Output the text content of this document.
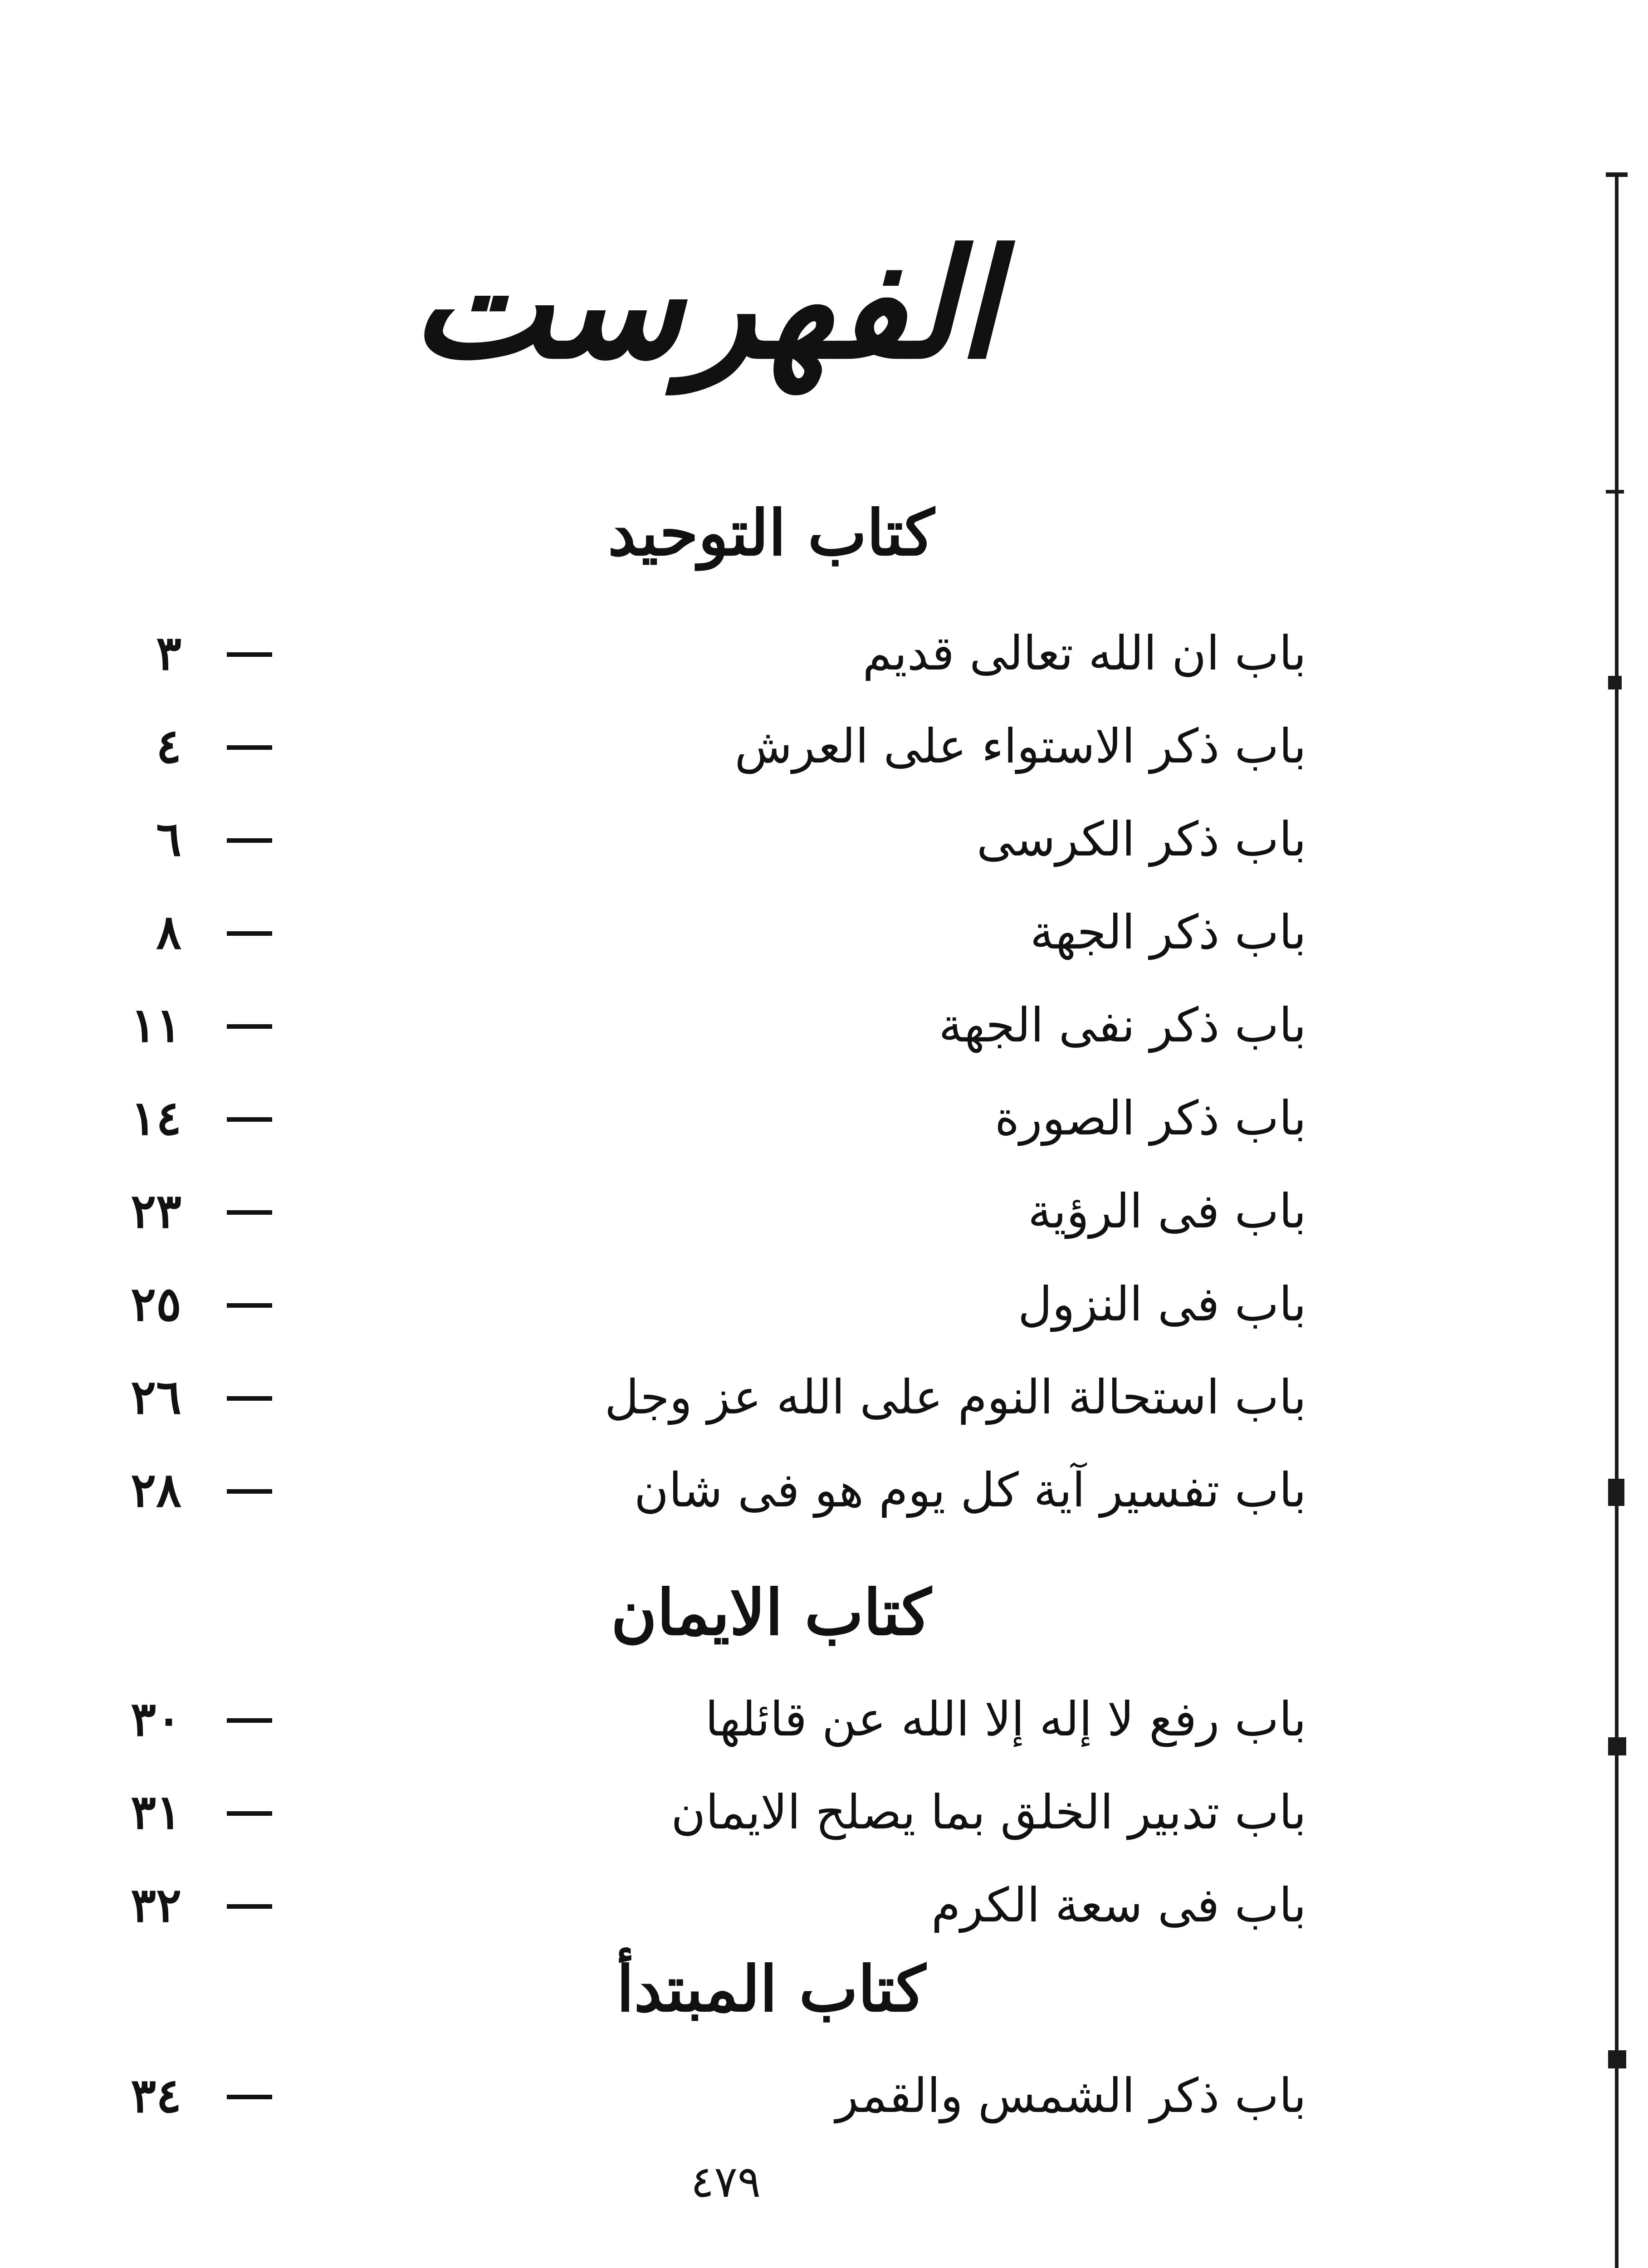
الفهرست
كتاب التوحيد
باب ان الله تعالى قديم
٣
باب ذكر الاستواء على العرش
٤
باب ذكر الكرسى
٦
باب ذكر الجهة
٨
باب ذكر نفى الجهة
١١
باب ذكر الصورة
١٤
باب فى الرؤية
٢٣
باب فى النزول
٢٥
باب استحالة النوم على الله عز وجل
٢٦
باب تفسير آية كل يوم هو فى شان
٢٨
كتاب الايمان
باب رفع لا إله إلا الله عن قائلها
٣٠
باب تدبير الخلق بما يصلح الايمان
٣١
باب فى سعة الكرم
٣٢
كتاب المبتدأ
باب ذكر الشمس والقمر
٣٤
٤٧٩
